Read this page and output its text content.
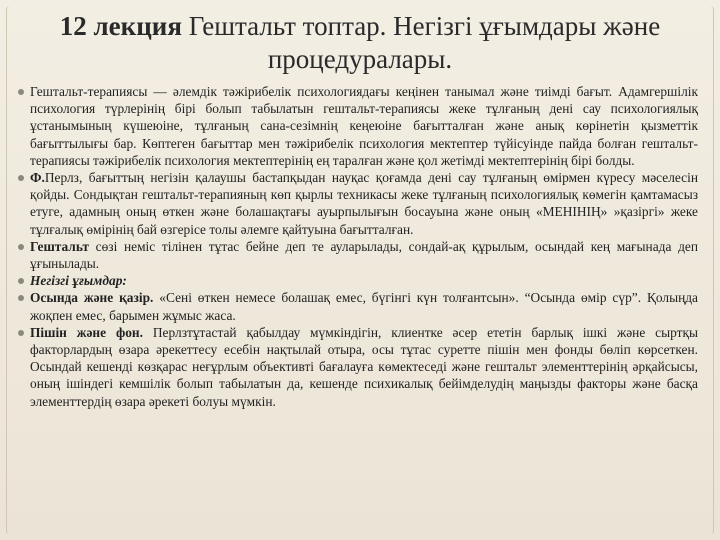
12 лекция Гештальт топтар. Негізгі ұғымдары және процедуралары.
Гештальт-терапиясы — әлемдік тәжірибелік психологиядағы кеңінен танымал және тиімді бағыт. Адамгершілік психология түрлерінің бірі болып табылатын гештальт-терапиясы жеке тұлғаның дені сау психологиялық ұстанымының күшеюіне, тұлғаның сана-сезімнің кеңеюіне бағытталған және анық көрінетін қызметтік бағыттылығы бар. Көптеген бағыттар мен тәжірибелік психология мектептер түйісуінде пайда болған гештальт-терапиясы тәжірибелік психология мектептерінің ең таралған және қол жетімді мектептерінің бірі болды.
Ф.Перлз, бағыттың негізін қалаушы бастапқыдан науқас қоғамда дені сау тұлғаның өмірмен күресу мәселесін қойды. Сондықтан гештальт-терапияның көп қырлы техникасы жеке тұлғаның психологиялық көмегін қамтамасыз етуге, адамның оның өткен және болашақтағы ауырпылығын босауына және оның «МЕНІНІҢ» »қазіргі» жеке тұлғалық өмірінің бай өзгерісе толы әлемге қайтуына бағытталған.
Гештальт сөзі неміс тілінен тұтас бейне деп те ауларылады, сондай-ақ құрылым, осындай кең мағынада деп ұғынылады.
Негізгі ұғымдар:
Осында және қазір. «Сені өткен немесе болашақ емес, бүгінгі күн толғантсын». “Осында өмір сүр”. Қолыңда жоқпен емес, барымен жұмыс жаса.
Пішін және фон. Перлзтұтастай қабылдау мүмкіндігін, клиентке әсер ететін барлық ішкі және сыртқы факторлардың өзара әрекеттесу есебін нақтылай отыра, осы тұтас суретте пішін мен фонды бөліп көрсеткен. Осындай кешенді көзқарас неғұрлым объективті бағалауға көмектеседі және гештальт элементтерінің әрқайсысы, оның ішіндегі кемшілік болып табылатын да, кешенде психикалық бейімделудің маңызды факторы және басқа элементтердің өзара әрекеті болуы мүмкін.
